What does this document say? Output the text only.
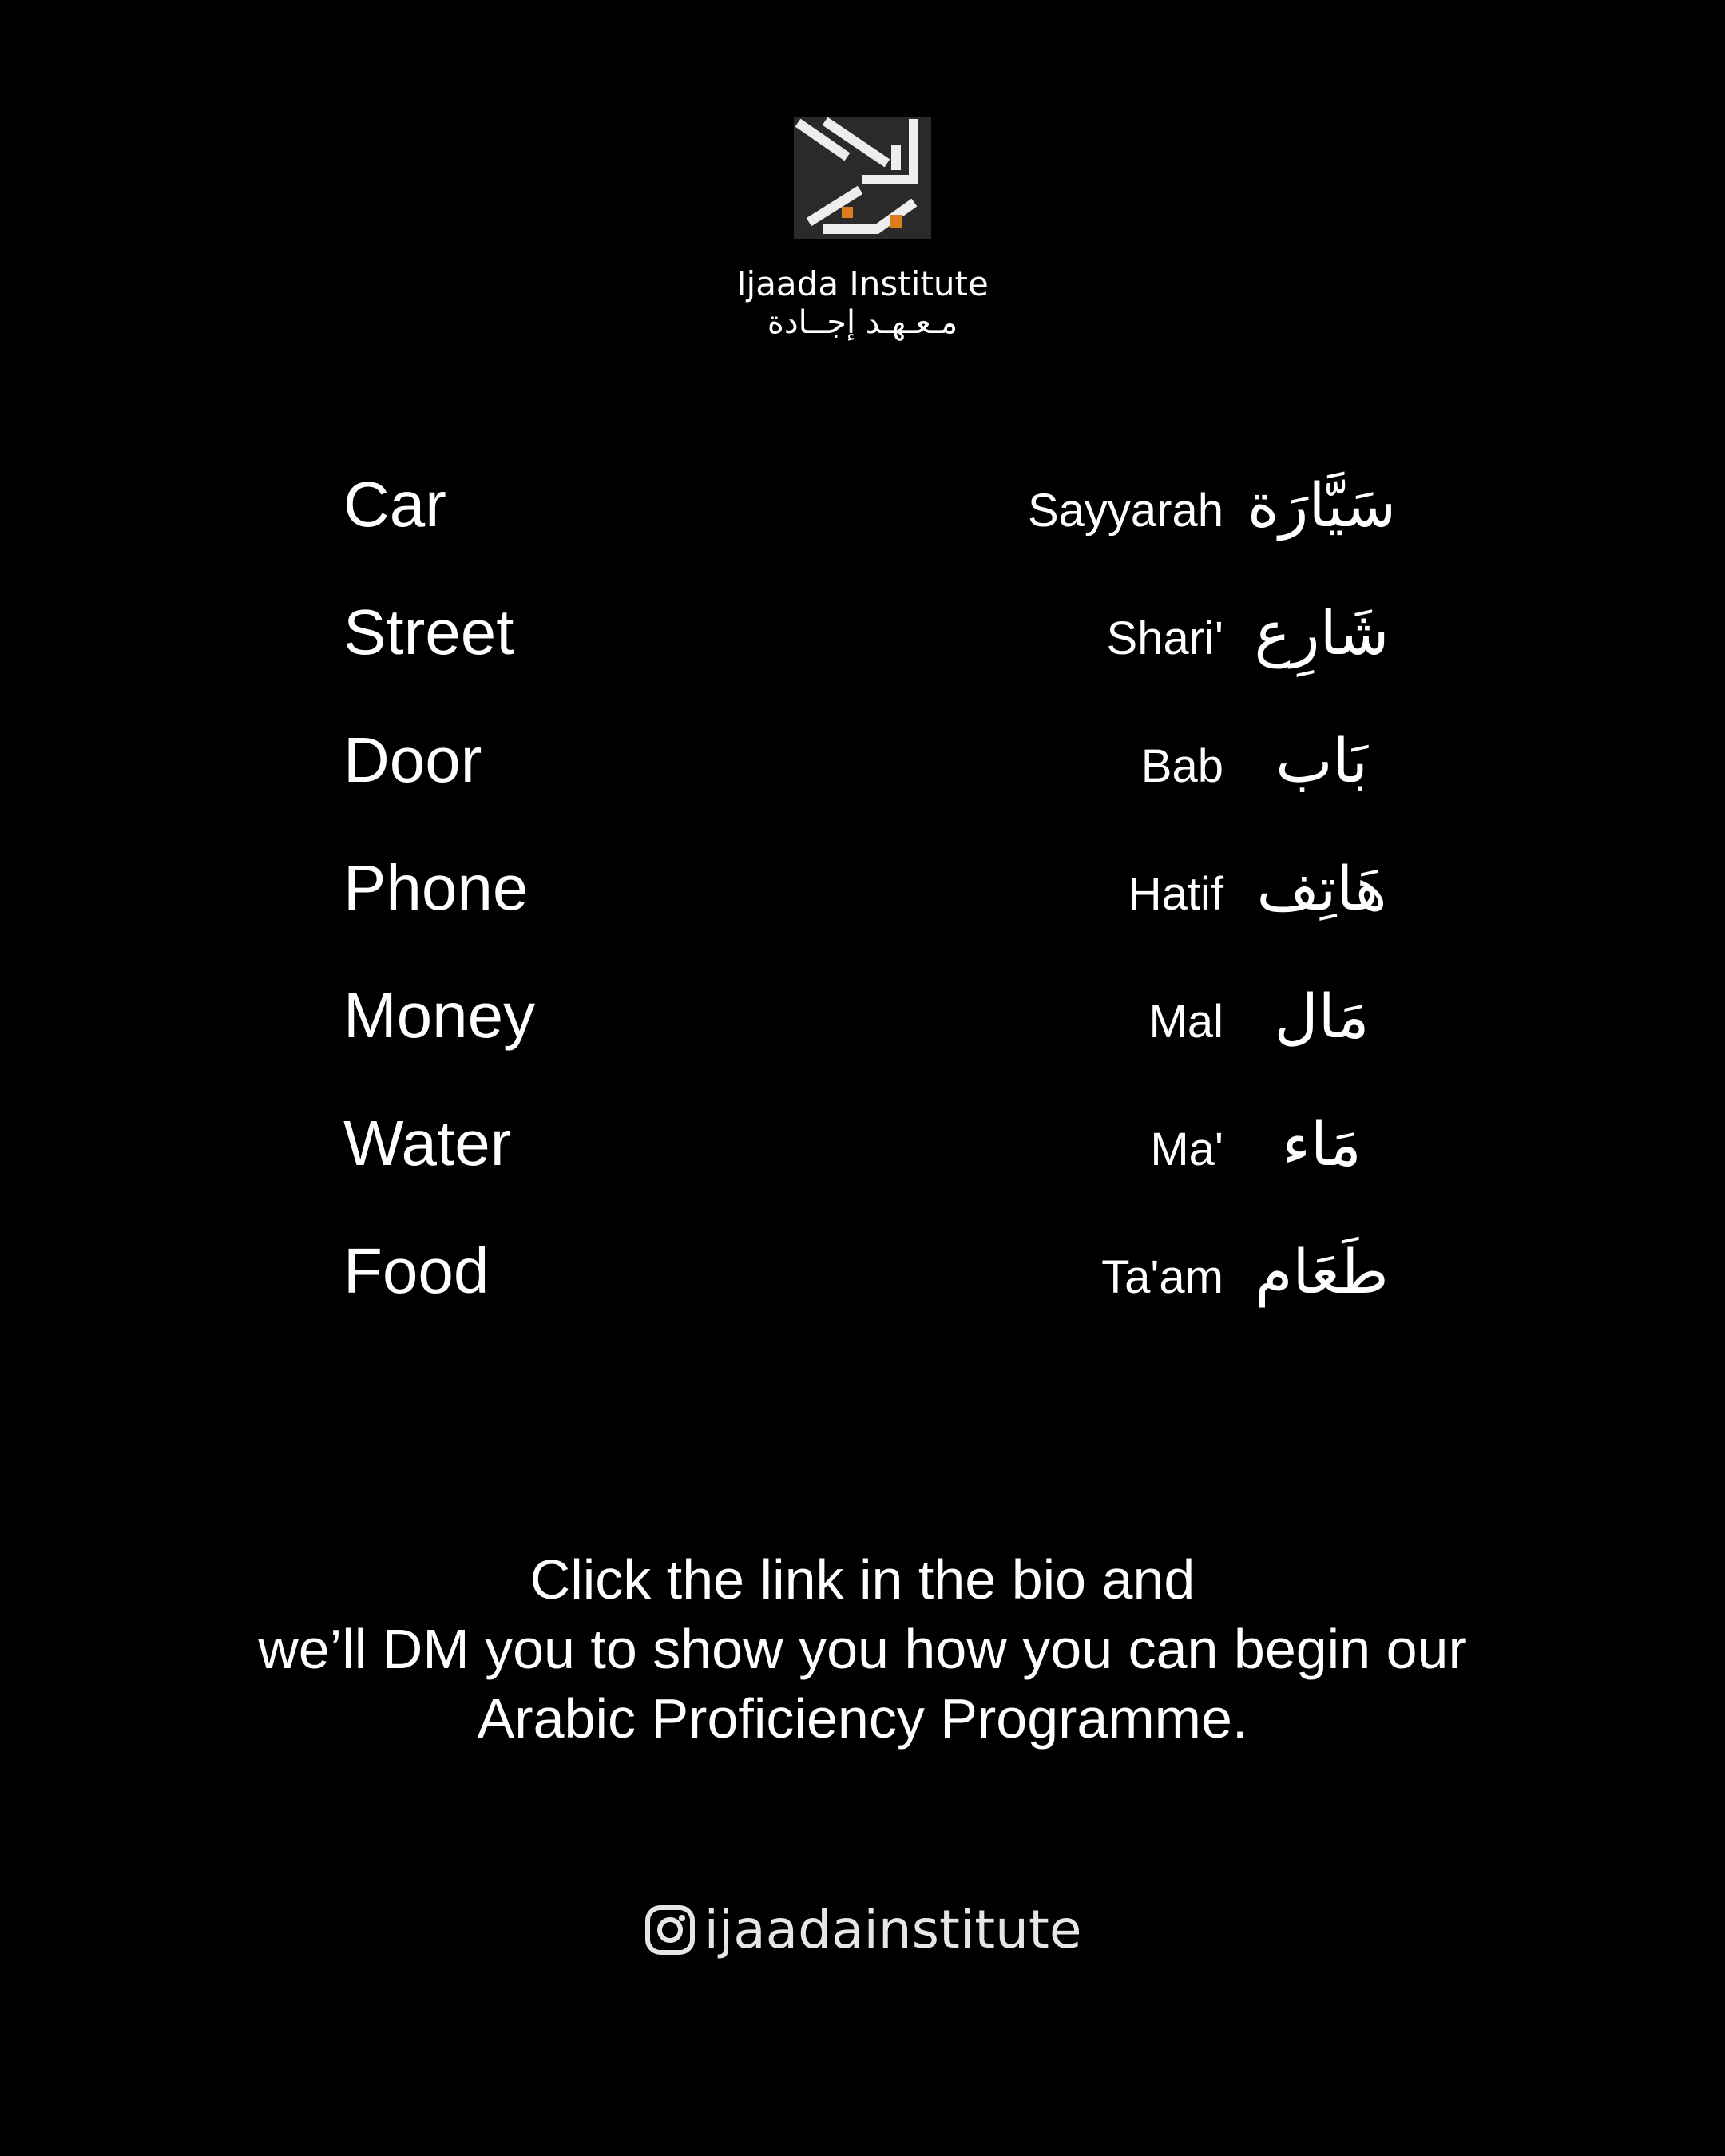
Ijaada Institute
مـعـهـد إجــادة
Car	Sayyarah سَيَّارَة
Street	Shari' شَارِع
Door	Bab بَاب
Phone	Hatif هَاتِف
Money	Mal مَال
Water	Ma' مَاء
Food	Ta'am طَعَام
Click the link in the bio and
we’ll DM you to show you how you can begin our
Arabic Proficiency Programme.
ijaadainstitute
